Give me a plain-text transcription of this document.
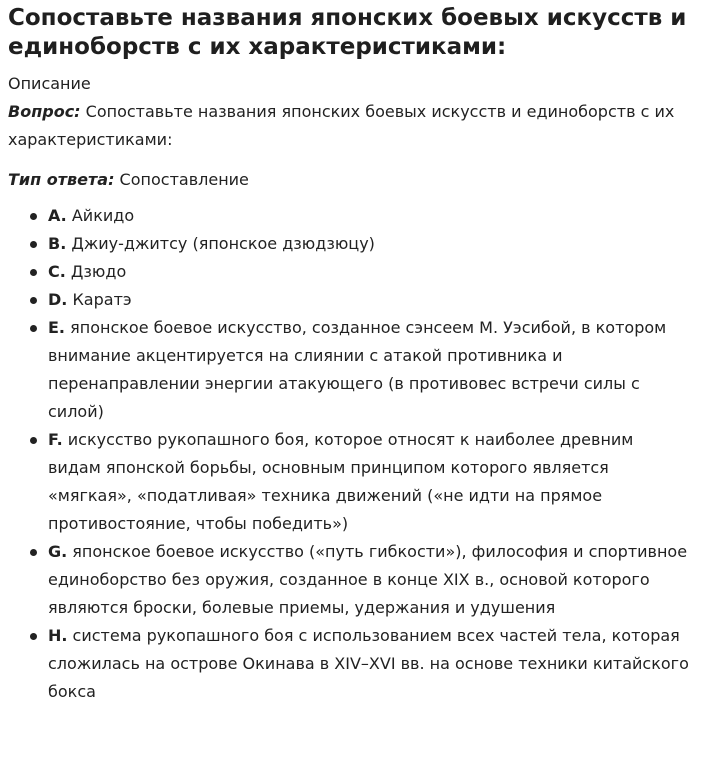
Сопоставьте названия японских боевых искусств и единоборств с их характеристиками:

Описание

Вопрос: Сопоставьте названия японских боевых искусств и единоборств с их характеристиками:

Тип ответа: Сопоставление

A. Айкидо
B. Джиу-джитсу (японское дзюдзюцу)
C. Дзюдо
D. Каратэ
E. японское боевое искусство, созданное сэнсеем М. Уэсибой, в котором внимание акцентируется на слиянии с атакой противника и перенаправлении энергии атакующего (в противовес встречи силы с силой)
F. искусство рукопашного боя, которое относят к наиболее древним видам японской борьбы, основным принципом которого является «мягкая», «податливая» техника движений («не идти на прямое противостояние, чтобы победить»)
G. японское боевое искусство («путь гибкости»), философия и спортивное единоборство без оружия, созданное в конце XIX в., основой которого являются броски, болевые приемы, удержания и удушения
H. система рукопашного боя с использованием всех частей тела, которая сложилась на острове Окинава в XIV–XVI вв. на основе техники китайского бокса
